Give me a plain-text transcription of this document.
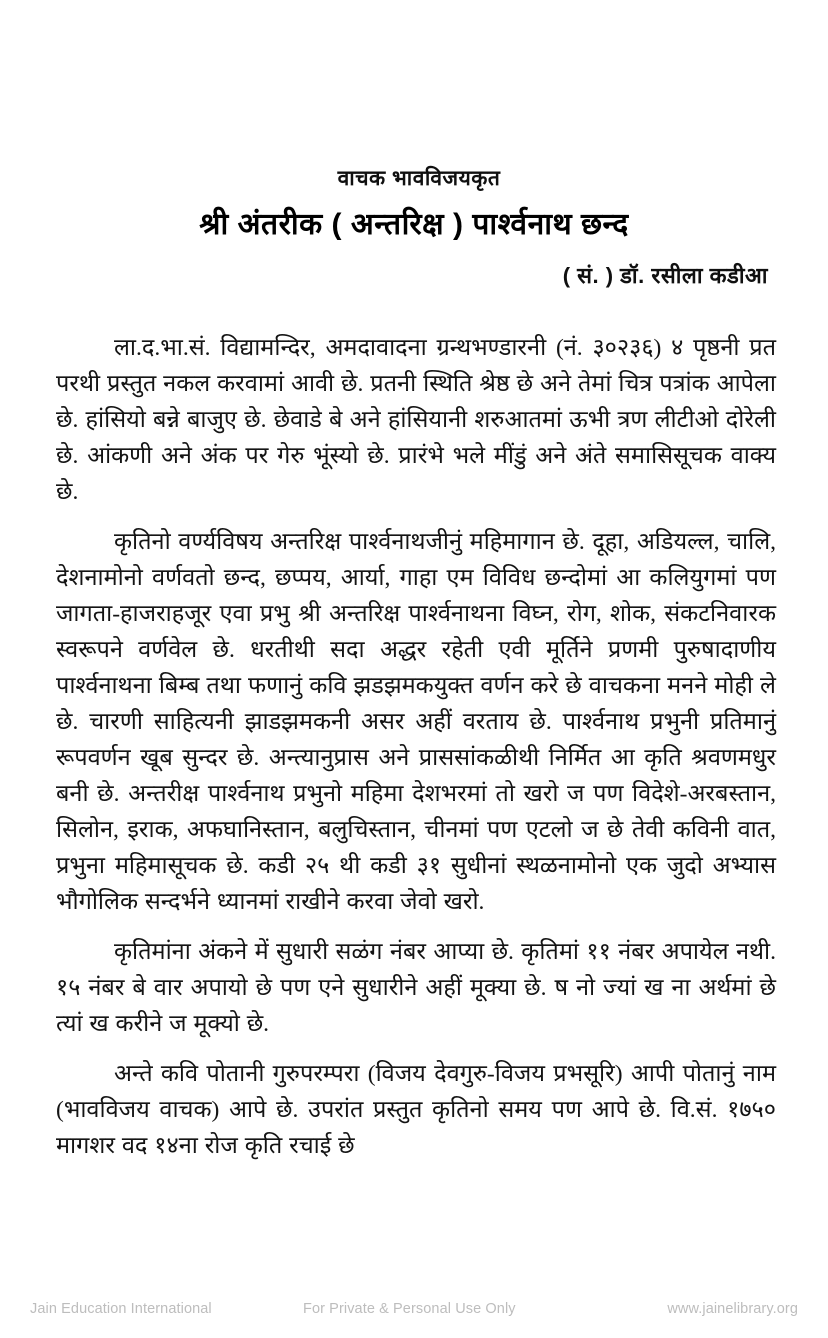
वाचक भावविजयकृत
श्री अंतरीक ( अन्तरिक्ष ) पार्श्वनाथ छन्द
( सं. ) डॉ. रसीला कडीआ

ला.द.भा.सं. विद्यामन्दिर, अमदावादना ग्रन्थभण्डारनी (नं. ३०२३६) ४ पृष्ठनी प्रत परथी प्रस्तुत नकल करवामां आवी छे. प्रतनी स्थिति श्रेष्ठ छे अने तेमां चित्र पत्रांक आपेला छे. हांसियो बन्ने बाजुए छे. छेवाडे बे अने हांसियानी शरुआतमां ऊभी त्रण लीटीओ दोरेली छे. आंकणी अने अंक पर गेरु भूंस्यो छे. प्रारंभे भले मींडुं अने अंते समासिसूचक वाक्य छे.

कृतिनो वर्ण्यविषय अन्तरिक्ष पार्श्वनाथजीनुं महिमागान छे. दूहा, अडियल्ल, चालि, देशनामोनो वर्णवतो छन्द, छप्पय, आर्या, गाहा एम विविध छन्दोमां आ कलियुगमां पण जागता-हाजराहजूर एवा प्रभु श्री अन्तरिक्ष पार्श्वनाथना विघ्न, रोग, शोक, संकटनिवारक स्वरूपने वर्णवेल छे. धरतीथी सदा अद्धर रहेती एवी मूर्तिने प्रणमी पुरुषादाणीय पार्श्वनाथना बिम्ब तथा फणानुं कवि झडझमकयुक्त वर्णन करे छे वाचकना मनने मोही ले छे. चारणी साहित्यनी झाडझमकनी असर अहीं वरताय छे. पार्श्वनाथ प्रभुनी प्रतिमानुं रूपवर्णन खूब सुन्दर छे. अन्त्यानुप्रास अने प्राससांकळीथी निर्मित आ कृति श्रवणमधुर बनी छे. अन्तरीक्ष पार्श्वनाथ प्रभुनो महिमा देशभरमां तो खरो ज पण विदेशे-अरबस्तान, सिलोन, इराक, अफघानिस्तान, बलुचिस्तान, चीनमां पण एटलो ज छे तेवी कविनी वात, प्रभुना महिमासूचक छे. कडी २५ थी कडी ३१ सुधीनां स्थळनामोनो एक जुदो अभ्यास भौगोलिक सन्दर्भने ध्यानमां राखीने करवा जेवो खरो.

कृतिमांना अंकने में सुधारी सळंग नंबर आप्या छे. कृतिमां ११ नंबर अपायेल नथी. १५ नंबर बे वार अपायो छे पण एने सुधारीने अहीं मूक्या छे. ष नो ज्यां ख ना अर्थमां छे त्यां ख करीने ज मूक्यो छे.

अन्ते कवि पोतानी गुरुपरम्परा (विजय देवगुरु-विजय प्रभसूरि) आपी पोतानुं नाम (भावविजय वाचक) आपे छे. उपरांत प्रस्तुत कृतिनो समय पण आपे छे. वि.सं. १७५० मागशर वद १४ना रोज कृति रचाई छे

Jain Education International	For Private & Personal Use Only	www.jainelibrary.org
